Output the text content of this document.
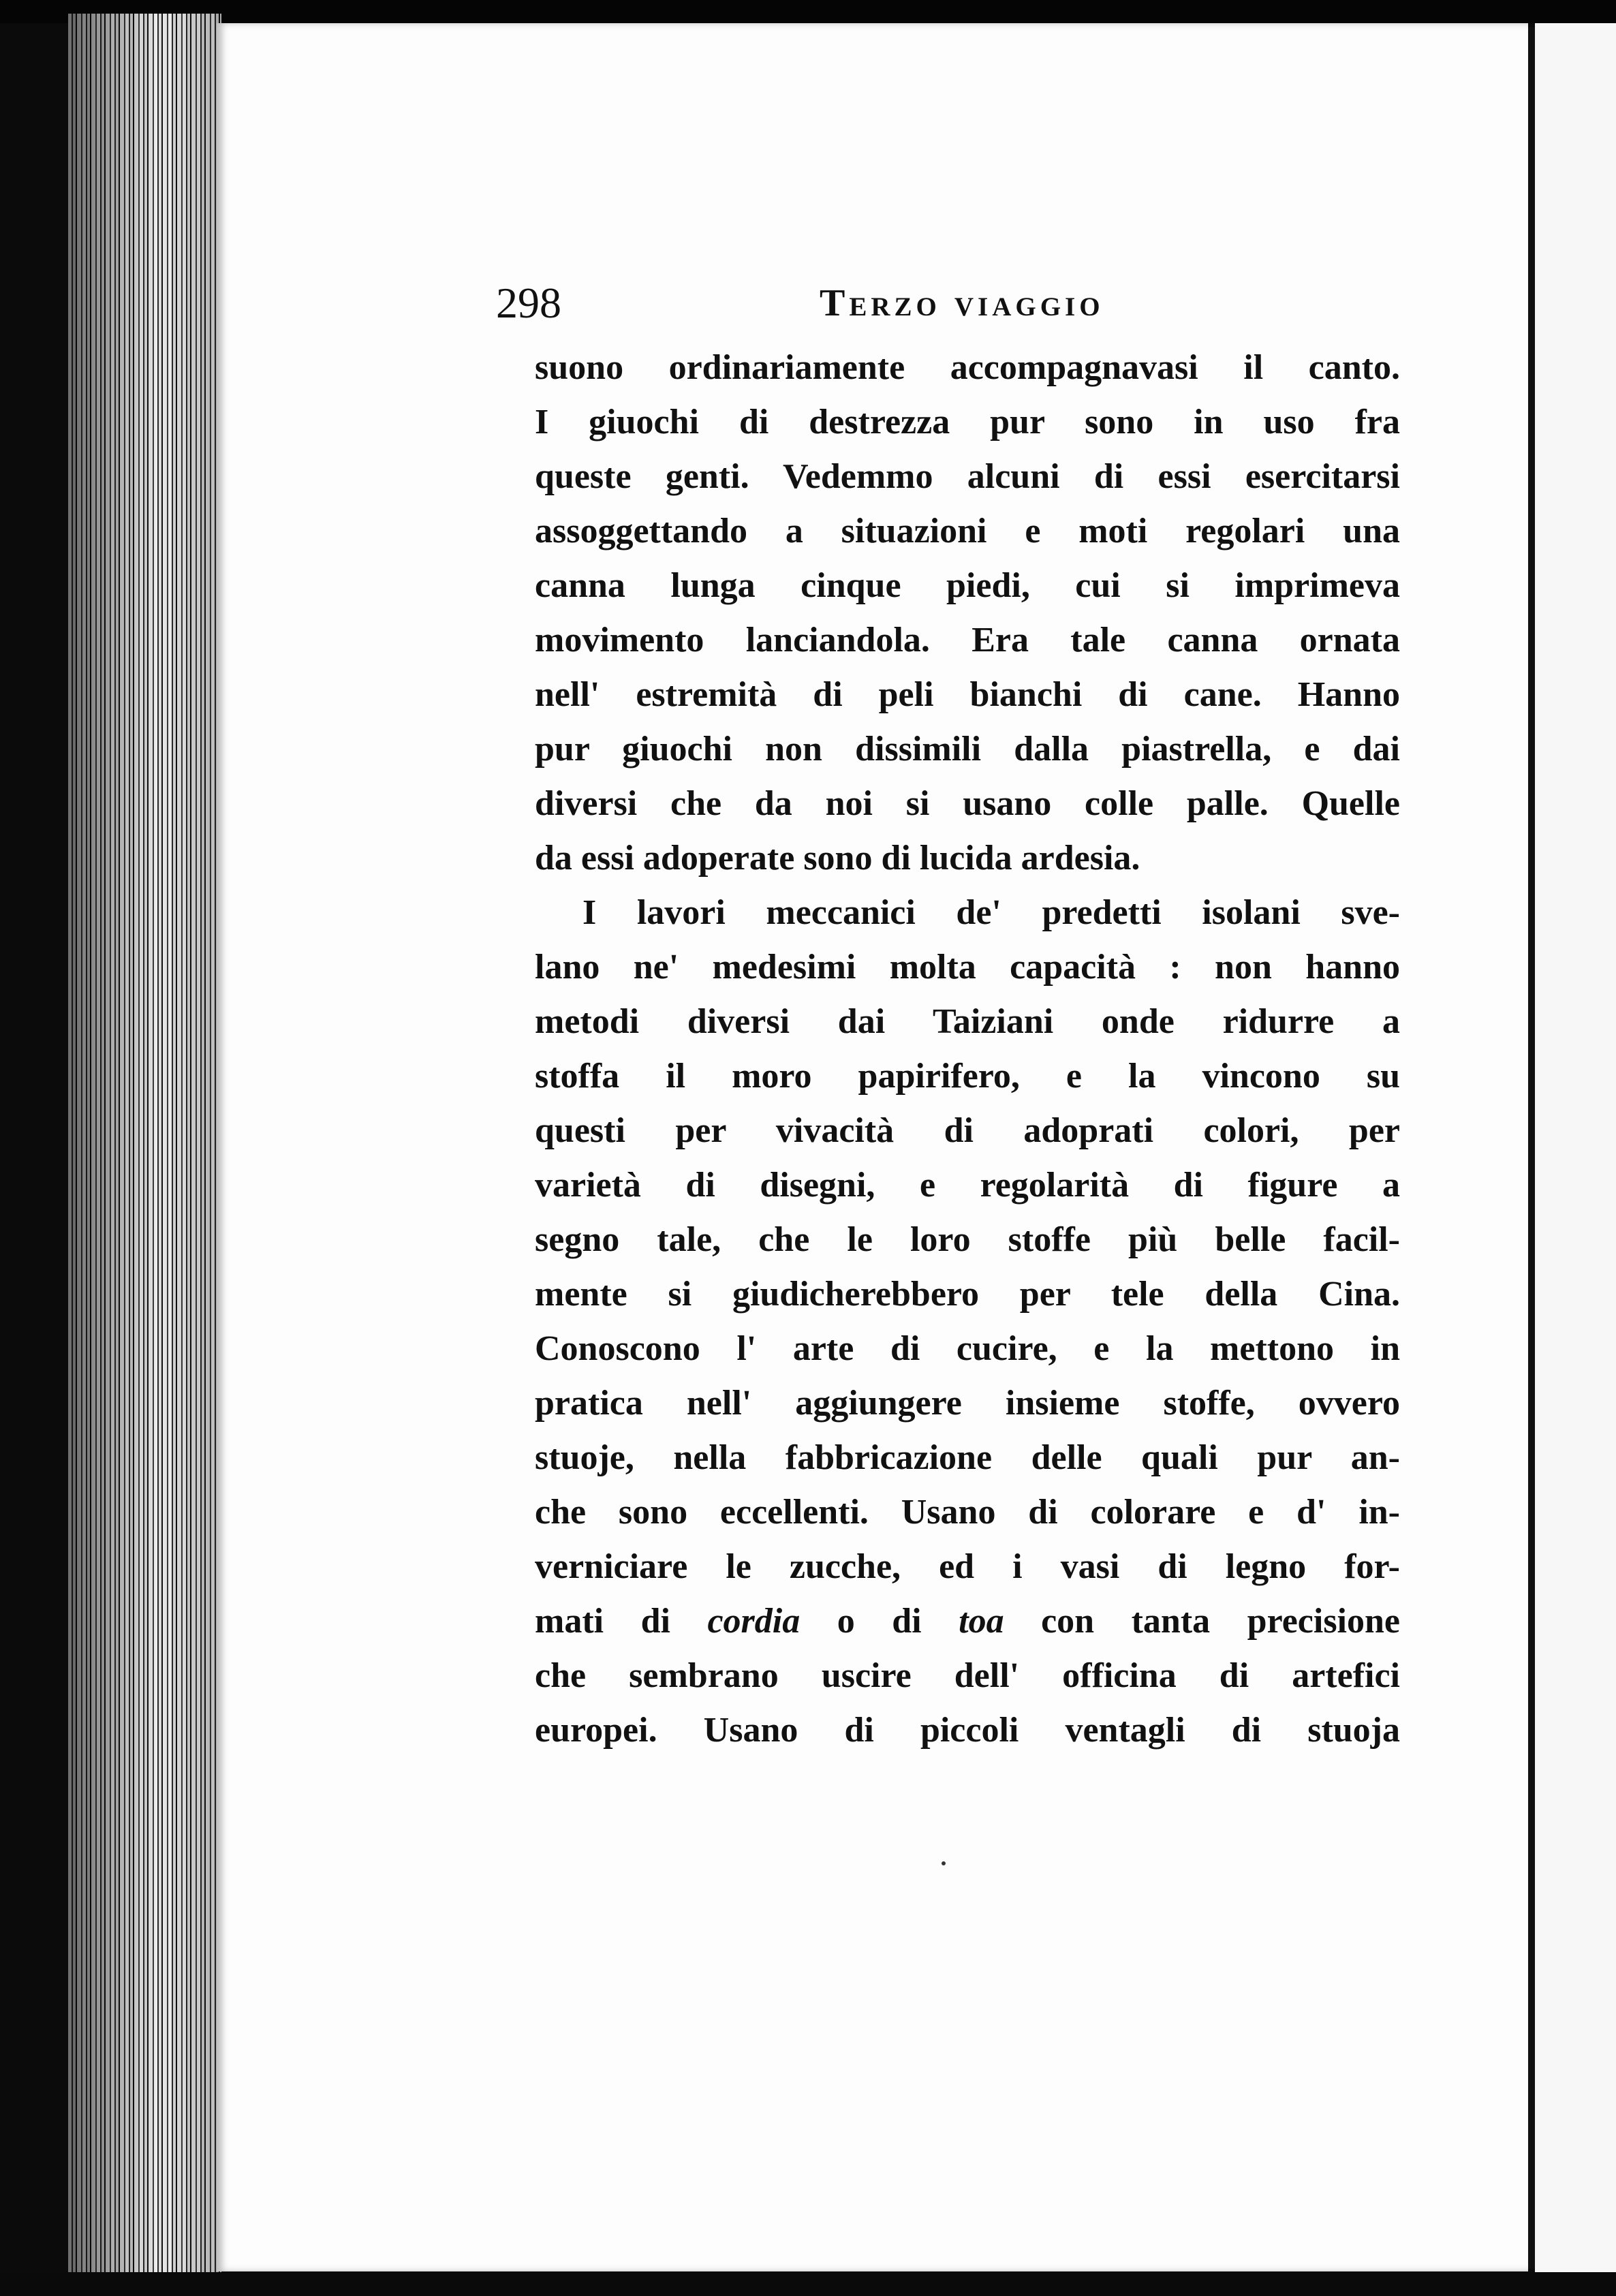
298	Terzo viaggio
suono ordinariamente accompagnavasi il canto.
I giuochi di destrezza pur sono in uso fra
queste genti. Vedemmo alcuni di essi esercitarsi
assoggettando a situazioni e moti regolari una
canna lunga cinque piedi, cui si imprimeva
movimento lanciandola. Era tale canna ornata
nell' estremità di peli bianchi di cane. Hanno
pur giuochi non dissimili dalla piastrella, e dai
diversi che da noi si usano colle palle. Quelle
da essi adoperate sono di lucida ardesia.
I lavori meccanici de' predetti isolani sve-
lano ne' medesimi molta capacità : non hanno
metodi diversi dai Taiziani onde ridurre a
stoffa il moro papirifero, e la vincono su
questi per vivacità di adoprati colori, per
varietà di disegni, e regolarità di figure a
segno tale, che le loro stoffe più belle facil-
mente si giudicherebbero per tele della Cina.
Conoscono l' arte di cucire, e la mettono in
pratica nell' aggiungere insieme stoffe, ovvero
stuoje, nella fabbricazione delle quali pur an-
che sono eccellenti. Usano di colorare e d' in-
verniciare le zucche, ed i vasi di legno for-
mati di cordia o di toa con tanta precisione
che sembrano uscire dell' officina di artefici
europei. Usano di piccoli ventagli di stuoja
